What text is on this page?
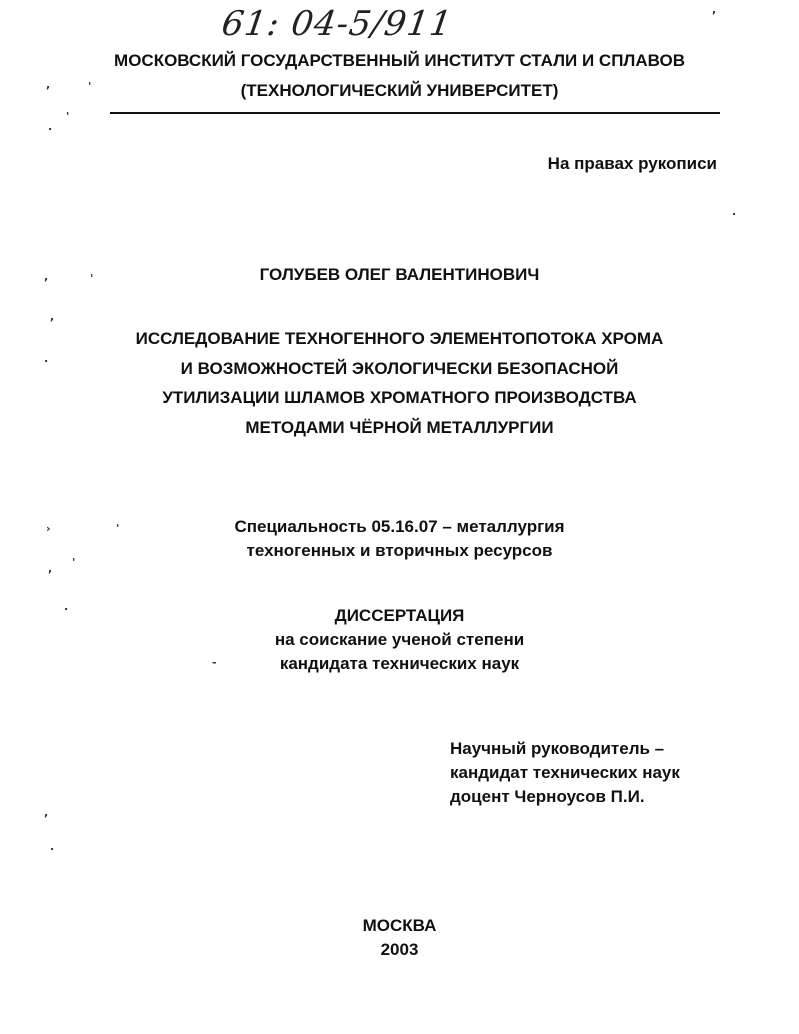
61: 04-5/911
МОСКОВСКИЙ ГОСУДАРСТВЕННЫЙ ИНСТИТУТ СТАЛИ И СПЛАВОВ
(ТЕХНОЛОГИЧЕСКИЙ УНИВЕРСИТЕТ)
На правах рукописи
ГОЛУБЕВ ОЛЕГ ВАЛЕНТИНОВИЧ
ИССЛЕДОВАНИЕ ТЕХНОГЕННОГО ЭЛЕМЕНТОПОТОКА ХРОМА
И ВОЗМОЖНОСТЕЙ ЭКОЛОГИЧЕСКИ БЕЗОПАСНОЙ
УТИЛИЗАЦИИ ШЛАМОВ ХРОМАТНОГО ПРОИЗВОДСТВА
МЕТОДАМИ ЧЁРНОЙ МЕТАЛЛУРГИИ
Специальность 05.16.07 – металлургия
техногенных и вторичных ресурсов
ДИССЕРТАЦИЯ
на соискание ученой степени
кандидата технических наук
Научный руководитель –
кандидат технических наук
доцент Черноусов П.И.
МОСКВА
2003
,	'
.
'
,	'
,
.
›	'
, '
.
-
,
.
.
,
